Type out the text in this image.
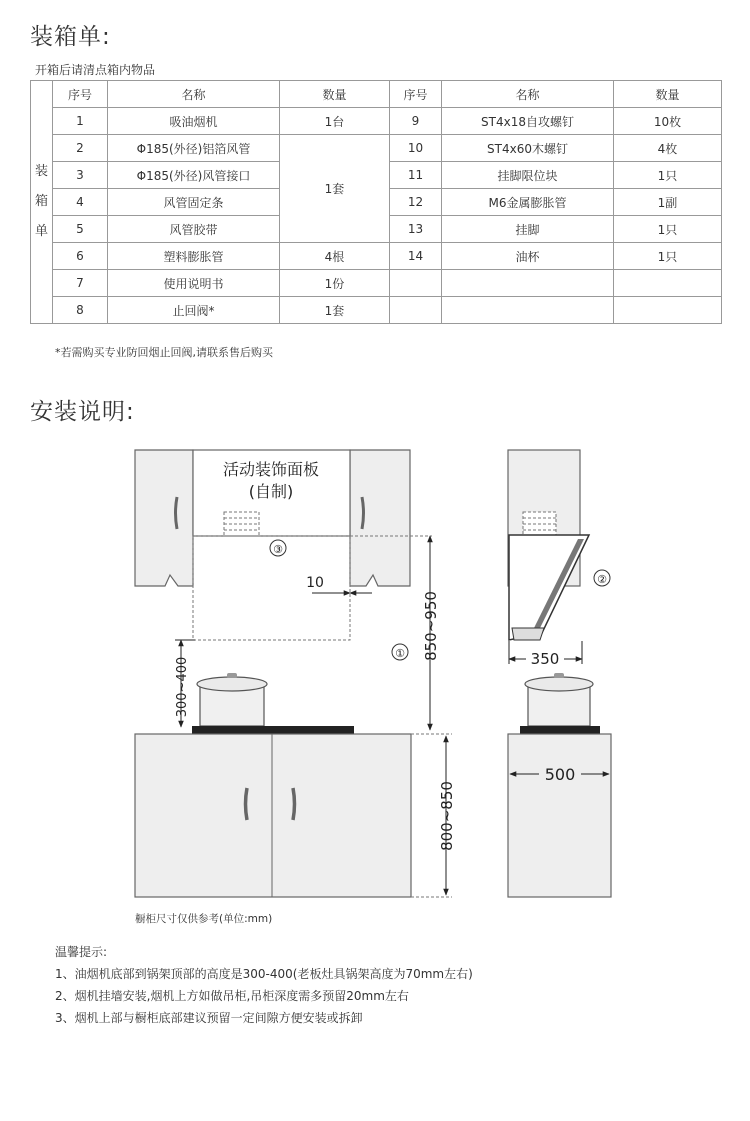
装箱单:
开箱后请清点箱内物品
装
箱
单	序号	名称	数量	序号	名称	数量
	1	吸油烟机	1台	9	ST4x18自攻螺钉	10枚
	2	Φ185(外径)铝箔风管	1套	10	ST4x60木螺钉	4枚
	3	Φ185(外径)风管接口		11	挂脚限位块	1只
	4	风管固定条		12	M6金属膨胀管	1副
	5	风管胶带		13	挂脚	1只
	6	塑料膨胀管	4根	14	油杯	1只
	7	使用说明书	1份			
	8	止回阀*	1套			
*若需购买专业防回烟止回阀,请联系售后购买
安装说明:
活动装饰面板
(自制)
③
10
850~950
①
300~400
800~850
②
350
500
橱柜尺寸仅供参考(单位:mm)
温馨提示:
1、油烟机底部到锅架顶部的高度是300-400(老板灶具锅架高度为70mm左右)
2、烟机挂墙安装,烟机上方如做吊柜,吊柜深度需多预留20mm左右
3、烟机上部与橱柜底部建议预留一定间隙方便安装或拆卸
